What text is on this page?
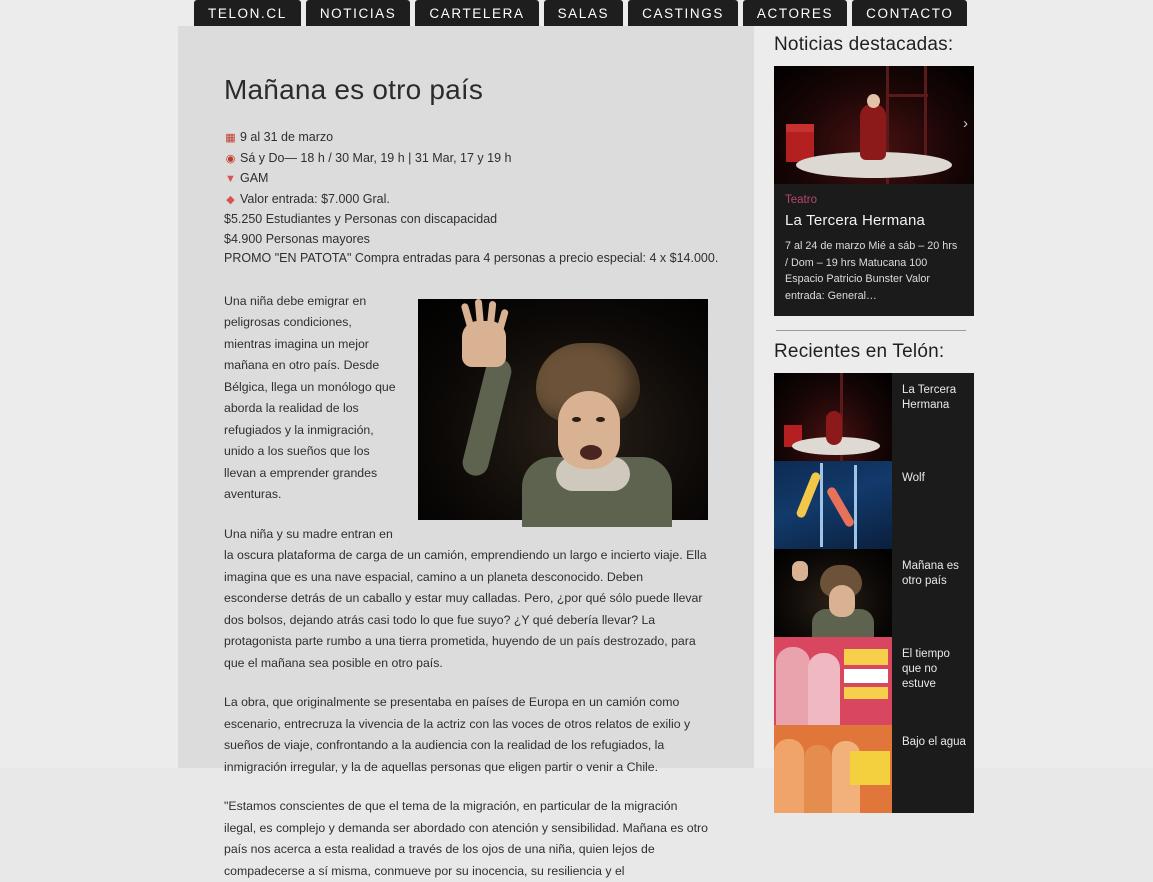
TELON.CL	NOTICIAS	CARTELERA	SALAS	CASTINGS	ACTORES	CONTACTO
Mañana es otro país
▦ 9 al 31 de marzo
◉ Sá y Do— 18 h / 30 Mar, 19 h | 31 Mar, 17 y 19 h
▼ GAM
◆ Valor entrada: $7.000 Gral.
$5.250 Estudiantes y Personas con discapacidad
$4.900 Personas mayores
PROMO "EN PATOTA" Compra entradas para 4 personas a precio especial: 4 x $14.000.

Una niña debe emigrar en peligrosas condiciones, mientras imagina un mejor mañana en otro país. Desde Bélgica, llega un monólogo que aborda la realidad de los refugiados y la inmigración, unido a los sueños que los llevan a emprender grandes aventuras.

Una niña y su madre entran en la oscura plataforma de carga de un camión, emprendiendo un largo e incierto viaje. Ella imagina que es una nave espacial, camino a un planeta desconocido. Deben esconderse detrás de un caballo y estar muy calladas. Pero, ¿por qué sólo puede llevar dos bolsos, dejando atrás casi todo lo que fue suyo? ¿Y qué debería llevar? La protagonista parte rumbo a una tierra prometida, huyendo de un país destrozado, para que el mañana sea posible en otro país.

La obra, que originalmente se presentaba en países de Europa en un camión como escenario, entrecruza la vivencia de la actriz con las voces de otros relatos de exilio y sueños de viaje, confrontando a la audiencia con la realidad de los refugiados, la inmigración irregular, y la de aquellas personas que eligen partir o venir a Chile.

"Estamos conscientes de que el tema de la migración, en particular de la migración ilegal, es complejo y demanda ser abordado con atención y sensibilidad. Mañana es otro país nos acerca a esta realidad a través de los ojos de una niña, quien lejos de compadecerse a sí misma, conmueve por su inocencia, su resiliencia y el

Noticias destacadas:
›
Teatro
La Tercera Hermana
7 al 24 de marzo Mié a sáb – 20 hrs / Dom – 19 hrs Matucana 100 Espacio Patricio Bunster Valor entrada: General…
Recientes en Telón:
La Tercera Hermana
Wolf
Mañana es otro país
El tiempo que no estuve
Bajo el agua
